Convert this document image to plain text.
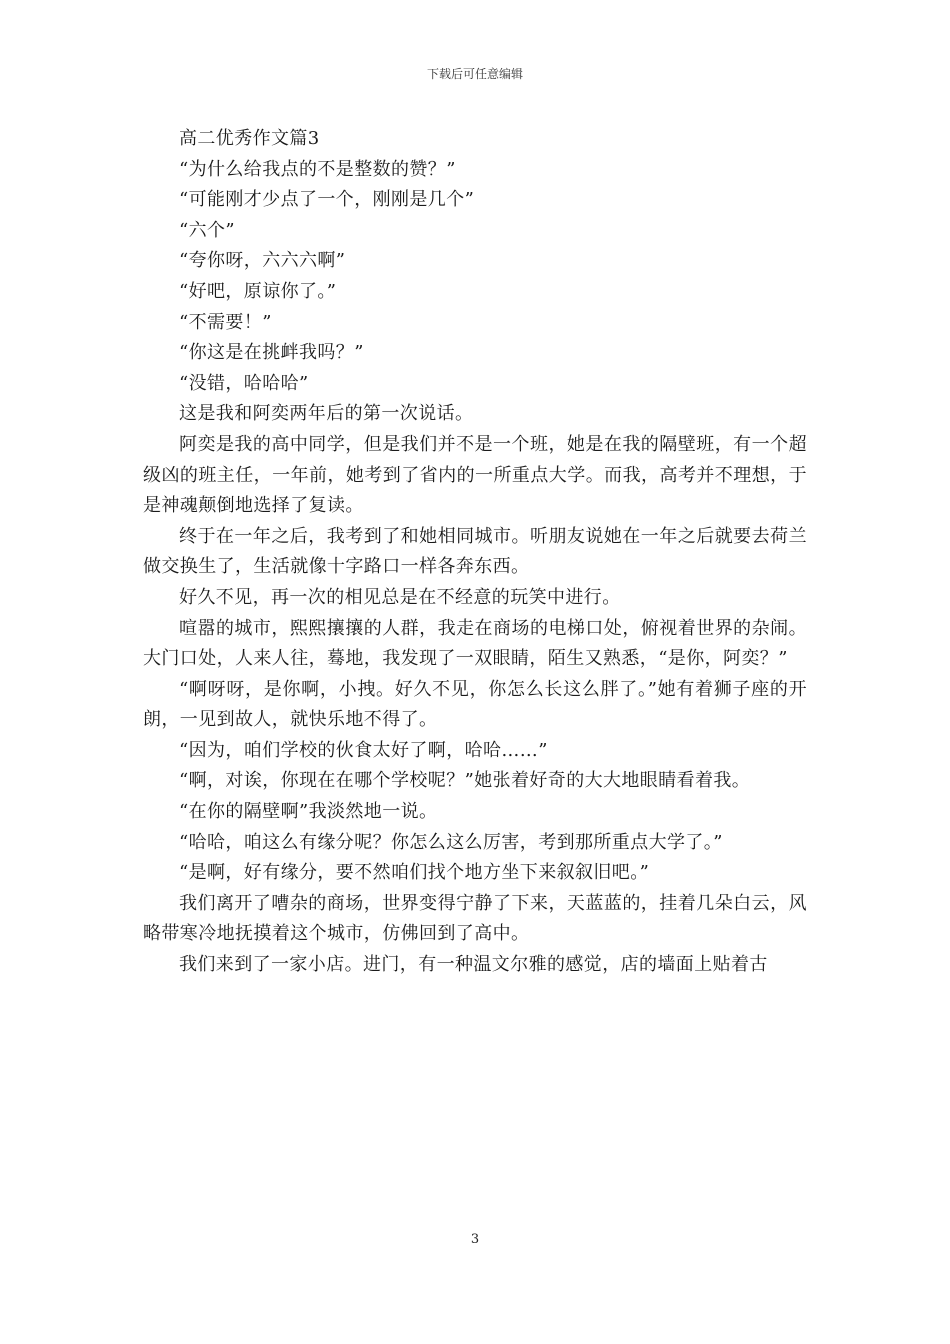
下载后可任意编辑

高二优秀作文篇3

“为什么给我点的不是整数的赞？”

“可能刚才少点了一个，刚刚是几个”

“六个”

“夸你呀，六六六啊”

“好吧，原谅你了。”

“不需要！”

“你这是在挑衅我吗？”

“没错，哈哈哈”

这是我和阿奕两年后的第一次说话。

阿奕是我的高中同学，但是我们并不是一个班，她是在我的隔壁班，有一个超级凶的班主任，一年前，她考到了省内的一所重点大学。而我，高考并不理想，于是神魂颠倒地选择了复读。

终于在一年之后，我考到了和她相同城市。听朋友说她在一年之后就要去荷兰做交换生了，生活就像十字路口一样各奔东西。

好久不见，再一次的相见总是在不经意的玩笑中进行。

喧嚣的城市，熙熙攘攘的人群，我走在商场的电梯口处，俯视着世界的杂闹。大门口处，人来人往，蓦地，我发现了一双眼睛，陌生又熟悉，“是你，阿奕？”

“啊呀呀，是你啊，小拽。好久不见，你怎么长这么胖了。”她有着狮子座的开朗，一见到故人，就快乐地不得了。

“因为，咱们学校的伙食太好了啊，哈哈……”

“啊，对诶，你现在在哪个学校呢？”她张着好奇的大大地眼睛看着我。

“在你的隔壁啊”我淡然地一说。

“哈哈，咱这么有缘分呢？你怎么这么厉害，考到那所重点大学了。”

“是啊，好有缘分，要不然咱们找个地方坐下来叙叙旧吧。”

我们离开了嘈杂的商场，世界变得宁静了下来，天蓝蓝的，挂着几朵白云，风略带寒冷地抚摸着这个城市，仿佛回到了高中。

我们来到了一家小店。进门，有一种温文尔雅的感觉，店的墙面上贴着古

3
